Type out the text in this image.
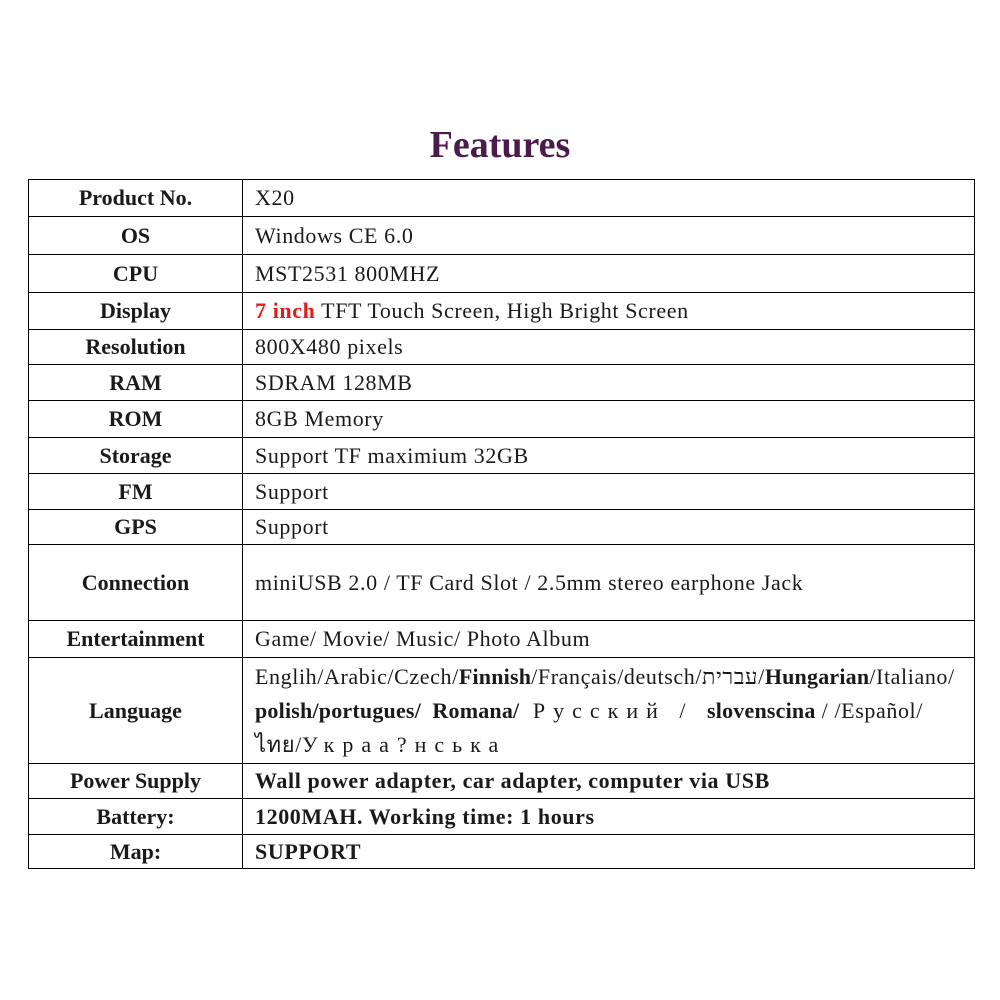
Features
Product No.	X20
OS	Windows CE 6.0
CPU	MST2531 800MHZ
Display	7 inch TFT Touch Screen, High Bright Screen
Resolution	800X480 pixels
RAM	SDRAM 128MB
ROM	8GB Memory
Storage	Support TF maximium 32GB
FM	Support
GPS	Support
Connection	miniUSB 2.0 / TF Card Slot / 2.5mm stereo earphone Jack
Entertainment	Game/ Movie/ Music/ Photo Album
Language	Englih/Arabic/Czech/Finnish/Français/deutsch/עברית/Hungarian/Italiano/
polish/portugues/  Romana/ Русский / slovenscina / /Español/
ไทย/Украa?нська

Power Supply	Wall power adapter, car adapter, computer via USB
Battery:	1200MAH. Working time: 1 hours
Map:	SUPPORT
